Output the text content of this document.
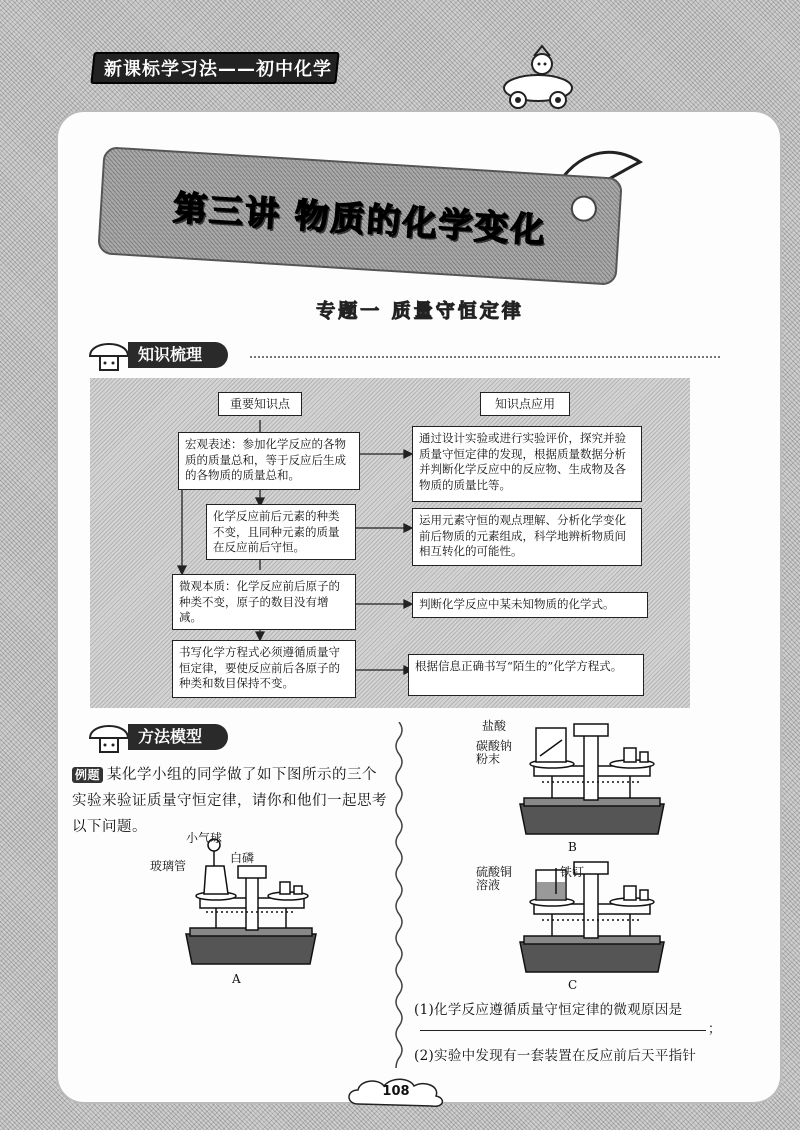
新课标学习法——初中化学
第三讲 物质的化学变化
专题一 质量守恒定律
知识梳理
重要知识点	知识点应用
宏观表述：参加化学反应的各物质的质量总和，等于反应后生成的各物质的质量总和。
化学反应前后元素的种类不变，且同种元素的质量在反应前后守恒。
微观本质：化学反应前后原子的种类不变，原子的数目没有增减。
书写化学方程式必须遵循质量守恒定律，要使反应前后各原子的种类和数目保持不变。
通过设计实验或进行实验评价，探究并验质量守恒定律的发现，根据质量数据分析并判断化学反应中的反应物、生成物及各物质的质量比等。
运用元素守恒的观点理解、分析化学变化前后物质的元素组成，科学地辨析物质间相互转化的可能性。
判断化学反应中某未知物质的化学式。
根据信息正确书写“陌生的”化学方程式。
方法模型
例题 某化学小组的同学做了如下图所示的三个实验来验证质量守恒定律，请你和他们一起思考以下问题。
小气球
白磷
玻璃管
A
盐酸
碳酸钠粉末
B
硫酸铜溶液
铁钉
C
(1)化学反应遵循质量守恒定律的微观原因是
；
(2)实验中发现有一套装置在反应前后天平指针
108
